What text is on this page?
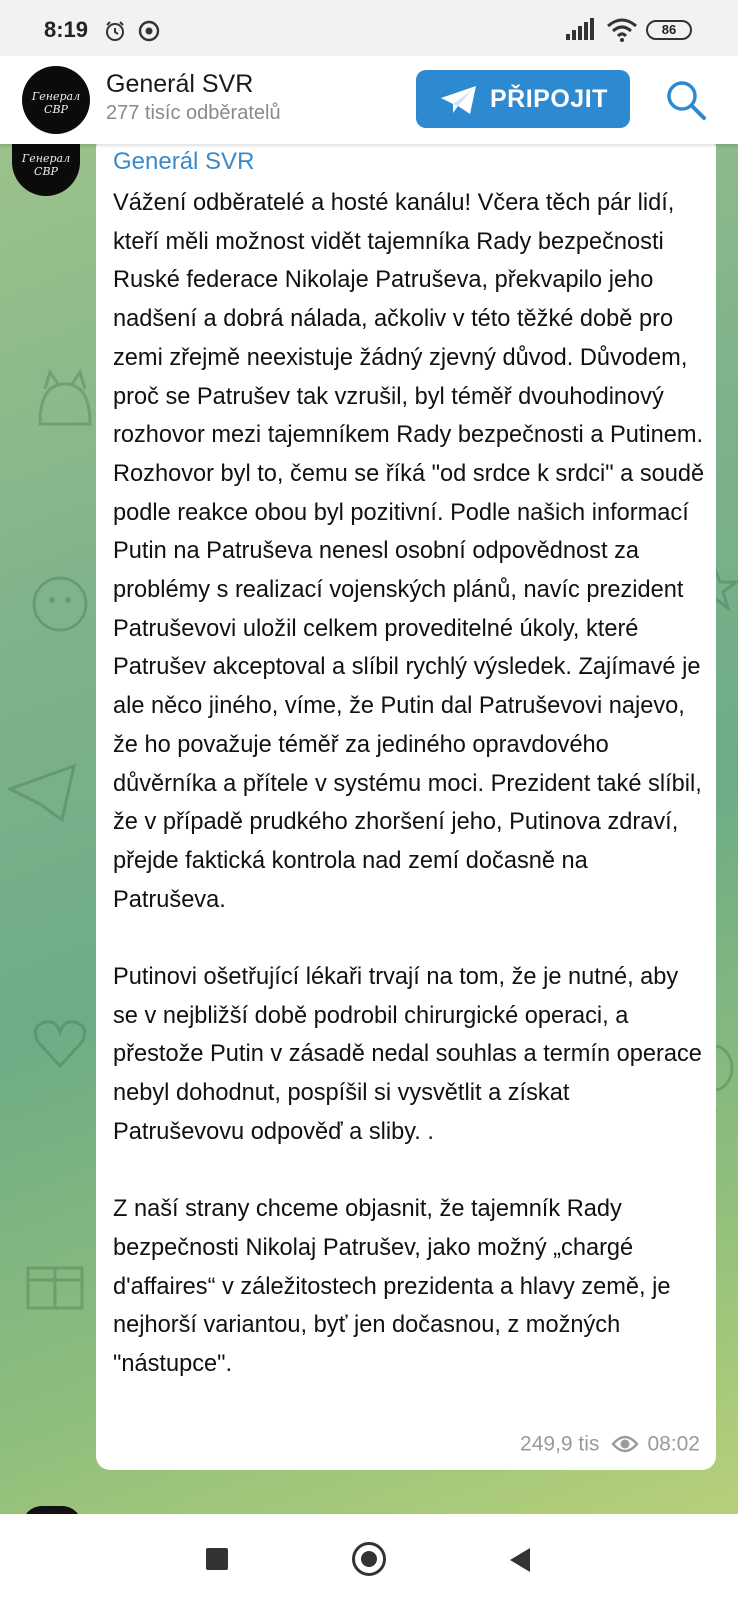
8:19	86
Генерал СВР
Generál SVR
277 tisíc odběratelů	PŘIPOJIT
Генерал СВР	Generál SVR

Vážení odběratelé a hosté kanálu! Včera těch pár lidí, kteří měli možnost vidět tajemníka Rady bezpečnosti Ruské federace Nikolaje Patruševa, překvapilo jeho nadšení a dobrá nálada, ačkoliv v této těžké době pro zemi zřejmě neexistuje žádný zjevný důvod. Důvodem, proč se Patrušev tak vzrušil, byl téměř dvouhodinový rozhovor mezi tajemníkem Rady bezpečnosti a Putinem. Rozhovor byl to, čemu se říká "od srdce k srdci" a soudě podle reakce obou byl pozitivní. Podle našich informací Putin na Patruševa nenesl osobní odpovědnost za problémy s realizací vojenských plánů, navíc prezident Patruševovi uložil celkem proveditelné úkoly, které Patrušev akceptoval a slíbil rychlý výsledek. Zajímavé je ale něco jiného, víme, že Putin dal Patruševovi najevo, že ho považuje téměř za jediného opravdového důvěrníka a přítele v systému moci. Prezident také slíbil, že v případě prudkého zhoršení jeho, Putinova zdraví, přejde faktická kontrola nad zemí dočasně na Patruševa.

Putinovi ošetřující lékaři trvají na tom, že je nutné, aby se v nejbližší době podrobil chirurgické operaci, a přestože Putin v zásadě nedal souhlas a termín operace nebyl dohodnut, pospíšil si vysvětlit a získat Patruševovu odpověď a sliby. .

Z naší strany chceme objasnit, že tajemník Rady bezpečnosti Nikolaj Patrušev, jako možný „chargé d'affaires“ v záležitostech prezidenta a hlavy země, je nejhorší variantou, byť jen dočasnou, z možných "nástupce".

249,9 tis 08:02
